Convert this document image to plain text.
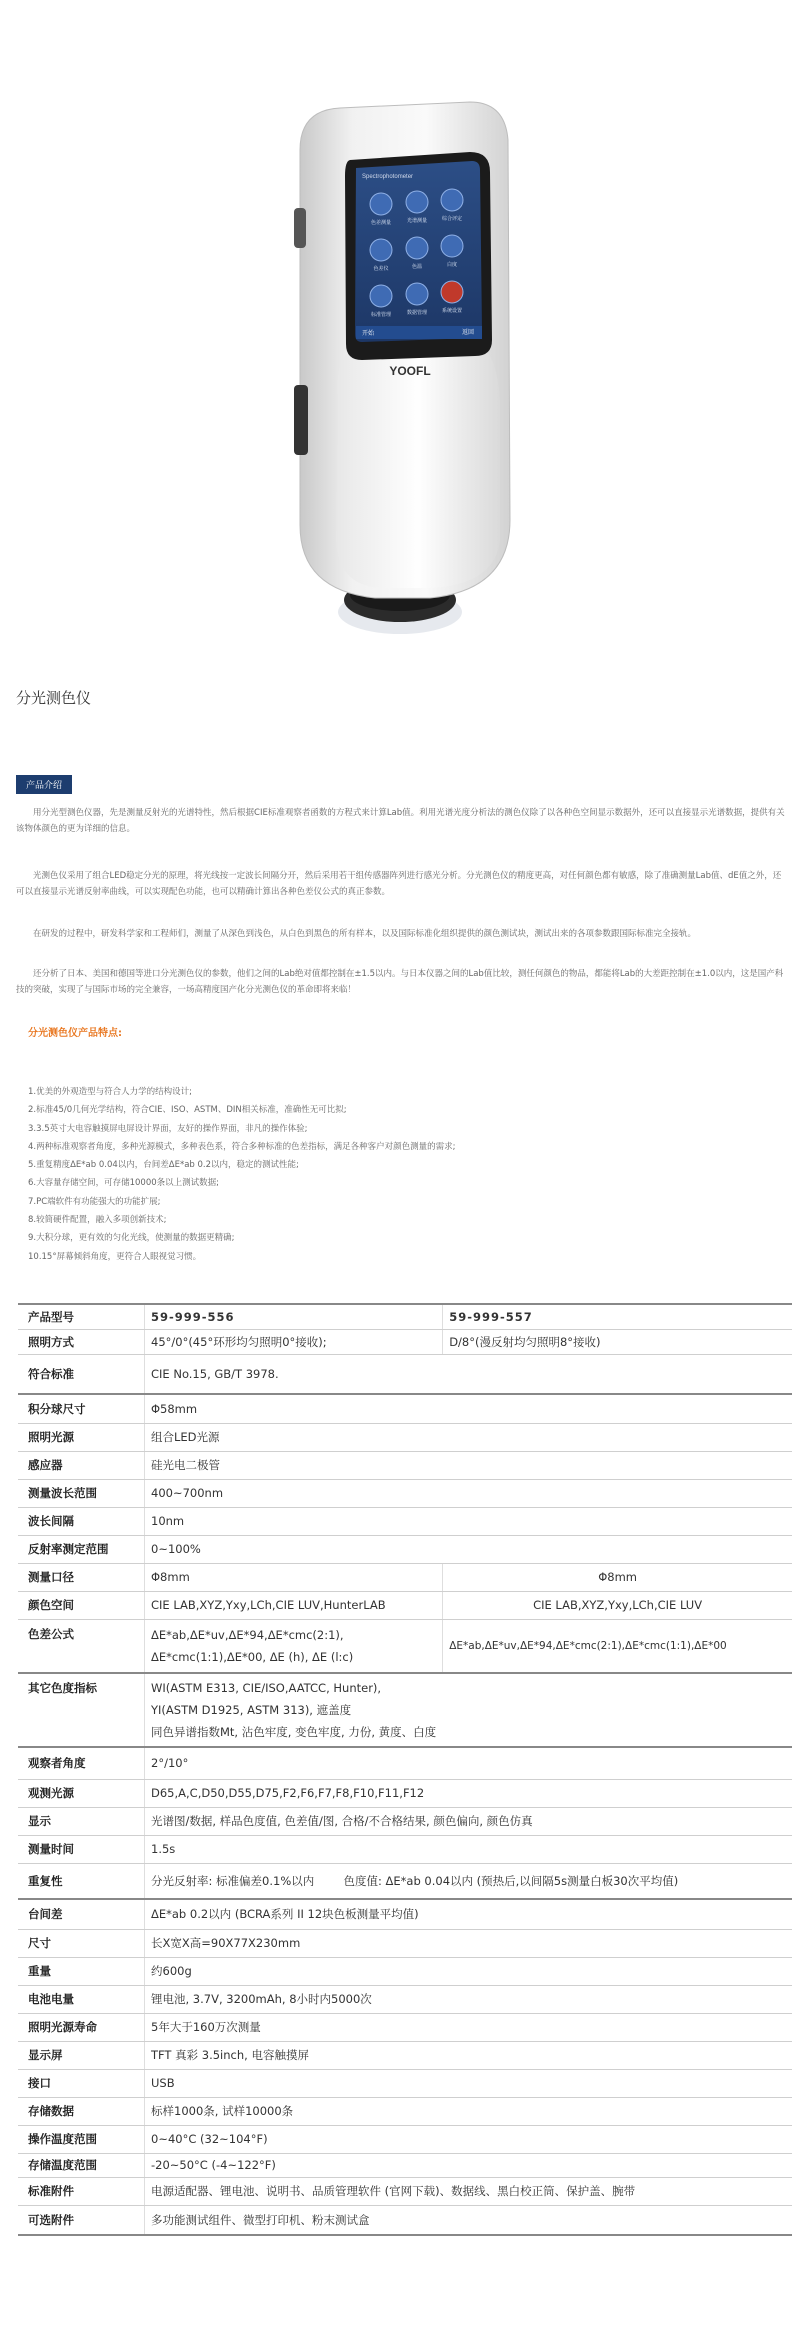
Spectrophotometer
色差测量	光谱测量	综合评定
色差仪	色温	白度
标准管理	数据管理	系统设置
开始	返回
YOOFL
分光测色仪
产品介绍

用分光型测色仪器，先是测量反射光的光谱特性，然后根据CIE标准观察者函数的方程式来计算Lab值。利用光谱光度分析法的测色仪除了以各种色空间显示数据外，还可以直接显示光谱数据，提供有关该物体颜色的更为详细的信息。

光测色仪采用了组合LED稳定分光的原理，将光线按一定波长间隔分开，然后采用若干组传感器阵列进行感光分析。分光测色仪的精度更高，对任何颜色都有敏感，除了准确测量Lab值、dE值之外，还可以直接显示光谱反射率曲线，可以实现配色功能，也可以精确计算出各种色差仪公式的真正参数。

在研发的过程中，研发科学家和工程师们，测量了从深色到浅色，从白色到黑色的所有样本，以及国际标准化组织提供的颜色测试块，测试出来的各项参数跟国际标准完全接轨。

还分析了日本、美国和德国等进口分光测色仪的参数，他们之间的Lab绝对值都控制在±1.5以内。与日本仪器之间的Lab值比较，测任何颜色的物品，都能将Lab的大差距控制在±1.0以内，这是国产科技的突破，实现了与国际市场的完全兼容，一场高精度国产化分光测色仪的革命即将来临！

分光测色仪产品特点:
1.优美的外观造型与符合人力学的结构设计;
2.标准45/0几何光学结构，符合CIE、ISO、ASTM、DIN相关标准，准确性无可比拟;
3.3.5英寸大电容触摸屏电屏设计界面，友好的操作界面，非凡的操作体验;
4.两种标准观察者角度，多种光源模式，多种表色系，符合多种标准的色差指标，满足各种客户对颜色测量的需求;
5.重复精度ΔE*ab 0.04以内，台间差ΔE*ab 0.2以内，稳定的测试性能;
6.大容量存储空间，可存储10000条以上测试数据;
7.PC端软件有功能强大的功能扩展;
8.较简硬件配置，融入多项创新技术;
9.大积分球，更有效的匀化光线，使测量的数据更精确;
10.15°屏幕倾斜角度，更符合人眼视觉习惯。
产品型号	59-999-556	59-999-557
照明方式	45°/0°(45°环形均匀照明0°接收);	D/8°(漫反射均匀照明8°接收)
符合标准	CIE No.15, GB/T 3978.	
积分球尺寸	Φ58mm	
照明光源	组合LED光源	
感应器	硅光电二极管	
测量波长范围	400~700nm	
波长间隔	10nm	
反射率测定范围	0~100%	
测量口径	Φ8mm	Φ8mm
颜色空间	CIE LAB,XYZ,Yxy,LCh,CIE LUV,HunterLAB	CIE LAB,XYZ,Yxy,LCh,CIE LUV
色差公式	ΔE*ab,ΔE*uv,ΔE*94,ΔE*cmc(2:1),
ΔE*cmc(1:1),ΔE*00, ΔE (h), ΔE (l:c)	ΔE*ab,ΔE*uv,ΔE*94,ΔE*cmc(2:1),ΔE*cmc(1:1),ΔE*00
其它色度指标	WI(ASTM E313, CIE/ISO,AATCC, Hunter),
YI(ASTM D1925, ASTM 313), 遮盖度
同色异谱指数Mt, 沾色牢度, 变色牢度, 力份, 黄度、白度	

观察者角度	2°/10°	
观测光源	D65,A,C,D50,D55,D75,F2,F6,F7,F8,F10,F11,F12	
显示	光谱图/数据, 样品色度值, 色差值/图, 合格/不合格结果, 颜色偏向, 颜色仿真	
测量时间	1.5s	
重复性	分光反射率: 标准偏差0.1%以内        色度值: ΔE*ab 0.04以内 (预热后,以间隔5s测量白板30次平均值)	
台间差	ΔE*ab 0.2以内 (BCRA系列 II 12块色板测量平均值)	
尺寸	长X宽X高=90X77X230mm	
重量	约600g	
电池电量	锂电池, 3.7V, 3200mAh, 8小时内5000次	
照明光源寿命	5年大于160万次测量	
显示屏	TFT 真彩 3.5inch, 电容触摸屏	
接口	USB	
存储数据	标样1000条, 试样10000条	
操作温度范围	0~40°C (32~104°F)	
存储温度范围	-20~50°C (-4~122°F)	
标准附件	电源适配器、锂电池、说明书、品质管理软件 (官网下载)、数据线、黑白校正筒、保护盖、腕带	
可选附件	多功能测试组件、微型打印机、粉末测试盒	
